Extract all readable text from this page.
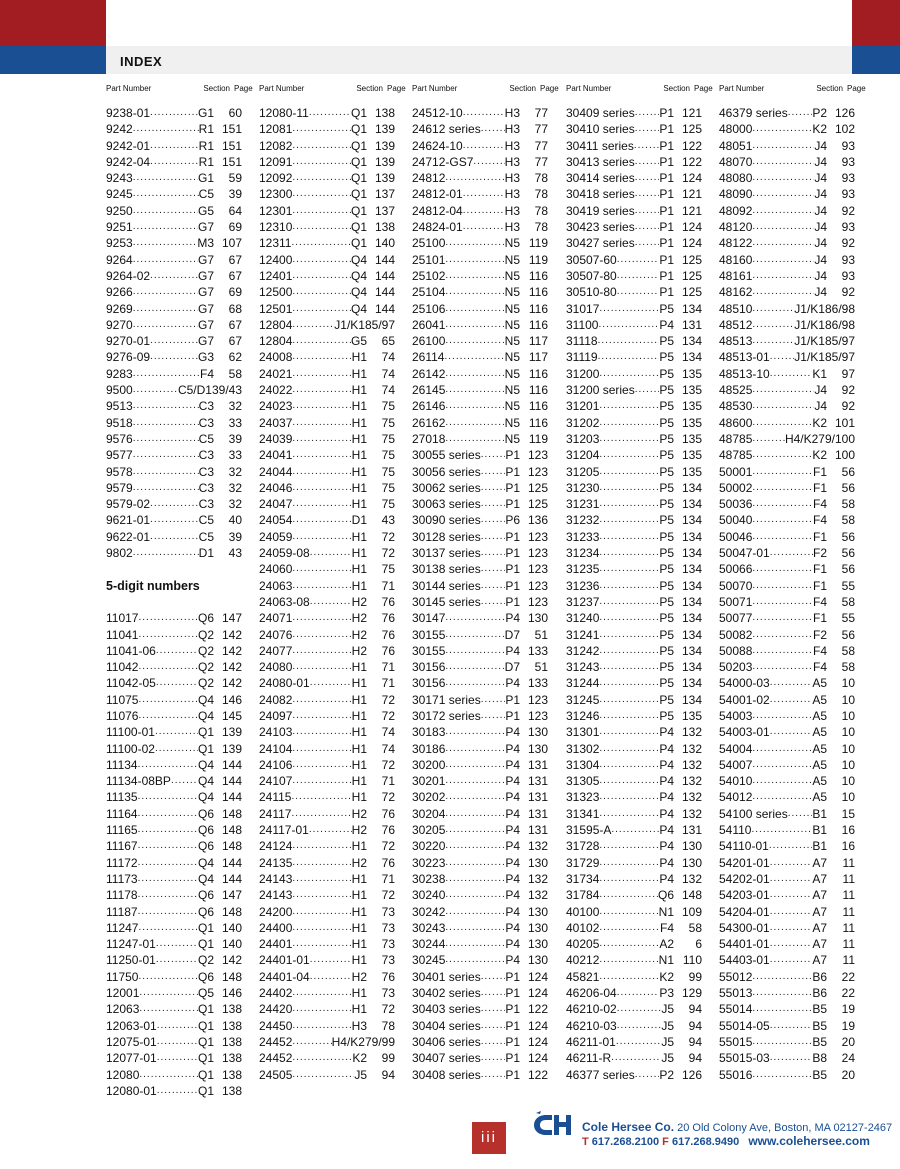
INDEX
Part Number	Section Page Part Number	Section Page Part Number	Section Page Part Number	Section Page Part Number	Section Page
9238-01 .....	G1	60
9242 .....	R1 151
9242-01 .....	R1 151
9242-04 .....	R1 151
9243 .....	G1	59
9245 .....	C5	39
9250 .....	G5	64
9251 .....	G7	69
9253 .....	M3 107
9264 .....	G7	67
9264-02 .....	G7	67
9266 .....	G7	69
9269 .....	G7	68
9270 .....	G7	67
9270-01 .....	G7	67
9276-09 .....	G3	62
9283 .....	F4	58
9500 .....	C5/D1 39/43
9513 .....	C3	32
9518 .....	C3	33
9576 .....	C5	39
9577 .....	C3	33
9578 .....	C3	32
9579 .....	C3	32
9579-02 .....	C3	32
9621-01 .....	C5	40
9622-01 .....	C5	39
9802 .....	D1	43
5-digit numbers
11017 .....	Q6 147
11041 .....	Q2 142
11041-06 .....	Q2 142
11042 .....	Q2 142
11042-05 .....	Q2 142
11075 .....	Q4 146
11076 .....	Q4 145
11100-01 .....	Q1 139
11100-02 .....	Q1 139
11134 .....	Q4 144
11134-08BP ..... Q4 144
11135 .....	Q4 144
11164 .....	Q6 148
11165 .....	Q6 148
11167 .....	Q6 148
11172 .....	Q4 144
11173 .....	Q4 144
11178 .....	Q6 147
11187 .....	Q6 148
11247 .....	Q1 140
11247-01 .....	Q1 140
11250-01 .....	Q2 142
11750 .....	Q6 148
12001 .....	Q5 146
12063 .....	Q1 138
12063-01 .....	Q1 138
12075-01 .....	Q1 138
12077-01 .....	Q1 138
12080 .....	Q1 138
12080-01 .....	Q1 138
12080-11 .....	Q1 138
12081 .....	Q1 139
12082 .....	Q1 139
12091 .....	Q1 139
12092 .....	Q1 139
12300 .....	Q1 137
12301 .....	Q1 137
12310 .....	Q1 138
12311 .....	Q1 140
12400 .....	Q4 144
12401 .....	Q4 144
12500 .....	Q4 144
12501 .....	Q4 144
12804 .....	J1/K1 85/97
12804 .....	G5	65
24008 .....	H1	74
24021 .....	H1	74
24022 .....	H1	74
24023 .....	H1	75
24037 .....	H1	75
24039 .....	H1	75
24041 .....	H1	75
24044 .....	H1	75
24046 .....	H1	75
24047 .....	H1	75
24054 .....	D1	43
24059 .....	H1	72
24059-08 .....	H1	72
24060 .....	H1	75
24063 .....	H1	71
24063-08 .....	H2	76
24071 .....	H2	76
24076 .....	H2	76
24077 .....	H2	76
24080 .....	H1	71
24080-01 .....	H1	71
24082 .....	H1	72
24097 .....	H1	72
24103 .....	H1	74
24104 .....	H1	74
24106 .....	H1	72
24107 .....	H1	71
24115 .....	H1	72
24117 .....	H2	76
24117-01 .....	H2	76
24124 .....	H1	72
24135 .....	H2	76
24143 .....	H1	71
24143 .....	H1	72
24200 .....	H1	73
24400 .....	H1	73
24401 .....	H1	73
24401-01 .....	H1	73
24401-04 .....	H2	76
24402 .....	H1	73
24420 .....	H1	72
24450 .....	H3	78
24452 .....	H4/K2 79/99
24452 .....	K2	99
24505 .....	J5	94
24512-10 .....	H3	77
24612 series ..... H3	77
24624-10 .....	H3	77
24712-GS7 .....	H3	77
24812 .....	H3	78
24812-01 .....	H3	78
24812-04 .....	H3	78
24824-01 .....	H3	78
25100 .....	N5 119
25101 .....	N5 119
25102 .....	N5 116
25104 .....	N5 116
25106 .....	N5 116
26041 .....	N5 116
26100 .....	N5 117
26114 .....	N5 117
26142 .....	N5 116
26145 .....	N5 116
26146 .....	N5 116
26162 .....	N5 116
27018 .....	N5 119
30055 series ..... P1 123
30056 series ..... P1 123
30062 series ..... P1 125
30063 series ..... P1 125
30090 series ..... P6 136
30128 series ..... P1 123
30137 series ..... P1 123
30138 series ..... P1 123
30144 series ..... P1 123
30145 series ..... P1 123
30147 .....	P4 130
30155 .....	D7	51
30155 .....	P4 133
30156 .....	D7	51
30156 .....	P4 133
30171 series ..... P1 123
30172 series ..... P1 123
30183 .....	P4 130
30186 .....	P4 130
30200 .....	P4 131
30201 .....	P4 131
30202 .....	P4 131
30204 .....	P4 131
30205 .....	P4 131
30220 .....	P4 132
30223 .....	P4 130
30238 .....	P4 132
30240 .....	P4 132
30242 .....	P4 130
30243 .....	P4 130
30244 .....	P4 130
30245 .....	P4 130
30401 series ..... P1 124
30402 series ..... P1 124
30403 series ..... P1 122
30404 series ..... P1 124
30406 series ..... P1 124
30407 series ..... P1 124
30408 series ..... P1 122
30409 series ..... P1 121
30410 series ..... P1 125
30411 series ..... P1 122
30413 series ..... P1 122
30414 series ..... P1 124
30418 series ..... P1 121
30419 series ..... P1 121
30423 series ..... P1 124
30427 series ..... P1 124
30507-60 .....	P1 125
30507-80 .....	P1 125
30510-80 .....	P1 125
31017 .....	P5 134
31100 .....	P4 131
31118 .....	P5 134
31119 .....	P5 134
31200 .....	P5 135
31200 series ..... P5 135
31201 .....	P5 135
31202 .....	P5 135
31203 .....	P5 135
31204 .....	P5 135
31205 .....	P5 135
31230 .....	P5 134
31231 .....	P5 134
31232 .....	P5 134
31233 .....	P5 134
31234 .....	P5 134
31235 .....	P5 134
31236 .....	P5 134
31237 .....	P5 134
31240 .....	P5 134
31241 .....	P5 134
31242 .....	P5 134
31243 .....	P5 134
31244 .....	P5 134
31245 .....	P5 134
31246 .....	P5 135
31301 .....	P4 132
31302 .....	P4 132
31304 .....	P4 132
31305 .....	P4 132
31323 .....	P4 132
31341 .....	P4 132
31595-A .....	P4 131
31728 .....	P4 130
31729 .....	P4 130
31734 .....	P4 132
31784 .....	Q6 148
40100 .....	N1 109
40102 .....	F4	58
40205 .....	A2	6
40212 .....	N1 110
45821 .....	K2	99
46206-04 .....	P3 129
46210-02 .....	J5	94
46210-03 .....	J5	94
46211-01 .....	J5	94
46211-R .....	J5	94
46377 series ..... P2 126
46379 series ..... P2 126
48000 .....	K2 102
48051 .....	J4	93
48070 .....	J4	93
48080 .....	J4	93
48090 .....	J4	93
48092 .....	J4	92
48120 .....	J4	93
48122 .....	J4	92
48160 .....	J4	93
48161 .....	J4	93
48162 .....	J4	92
48510 .....	J1/K1 86/98
48512 .....	J1/K1 86/98
48513 .....	J1/K1 85/97
48513-01 ..... J1/K1 85/97
48513-10 .....	K1	97
48525 .....	J4	92
48530 .....	J4	92
48600 .....	K2 101
48785 .....	H4/K2 79/100
48785 .....	K2 100
50001 .....	F1	56
50002 .....	F1	56
50036 .....	F4	58
50040 .....	F4	58
50046 .....	F1	56
50047-01 .....	F2	56
50066 .....	F1	56
50070 .....	F1	55
50071 .....	F4	58
50077 .....	F1	55
50082 .....	F2	56
50088 .....	F4	58
50203 .....	F4	58
54000-03 .....	A5	10
54001-02 .....	A5	10
54003 .....	A5	10
54003-01 .....	A5	10
54004 .....	A5	10
54007 .....	A5	10
54010 .....	A5	10
54012 .....	A5	10
54100 series ..... B1	15
54110 .....	B1	16
54110-01 .....	B1	16
54201-01 .....	A7	11
54202-01 .....	A7	11
54203-01 .....	A7	11
54204-01 .....	A7	11
54300-01 .....	A7	11
54401-01 .....	A7	11
54403-01 .....	A7	11
55012 .....	B6	22
55013 .....	B6	22
55014 .....	B5	19
55014-05 .....	B5	19
55015 .....	B5	20
55015-03 .....	B8	24
55016 .....	B5	20
iii
Cole Hersee Co. 20 Old Colony Ave, Boston, MA 02127-2467
T 617.268.2100 F 617.268.9490 www.colehersee.com
